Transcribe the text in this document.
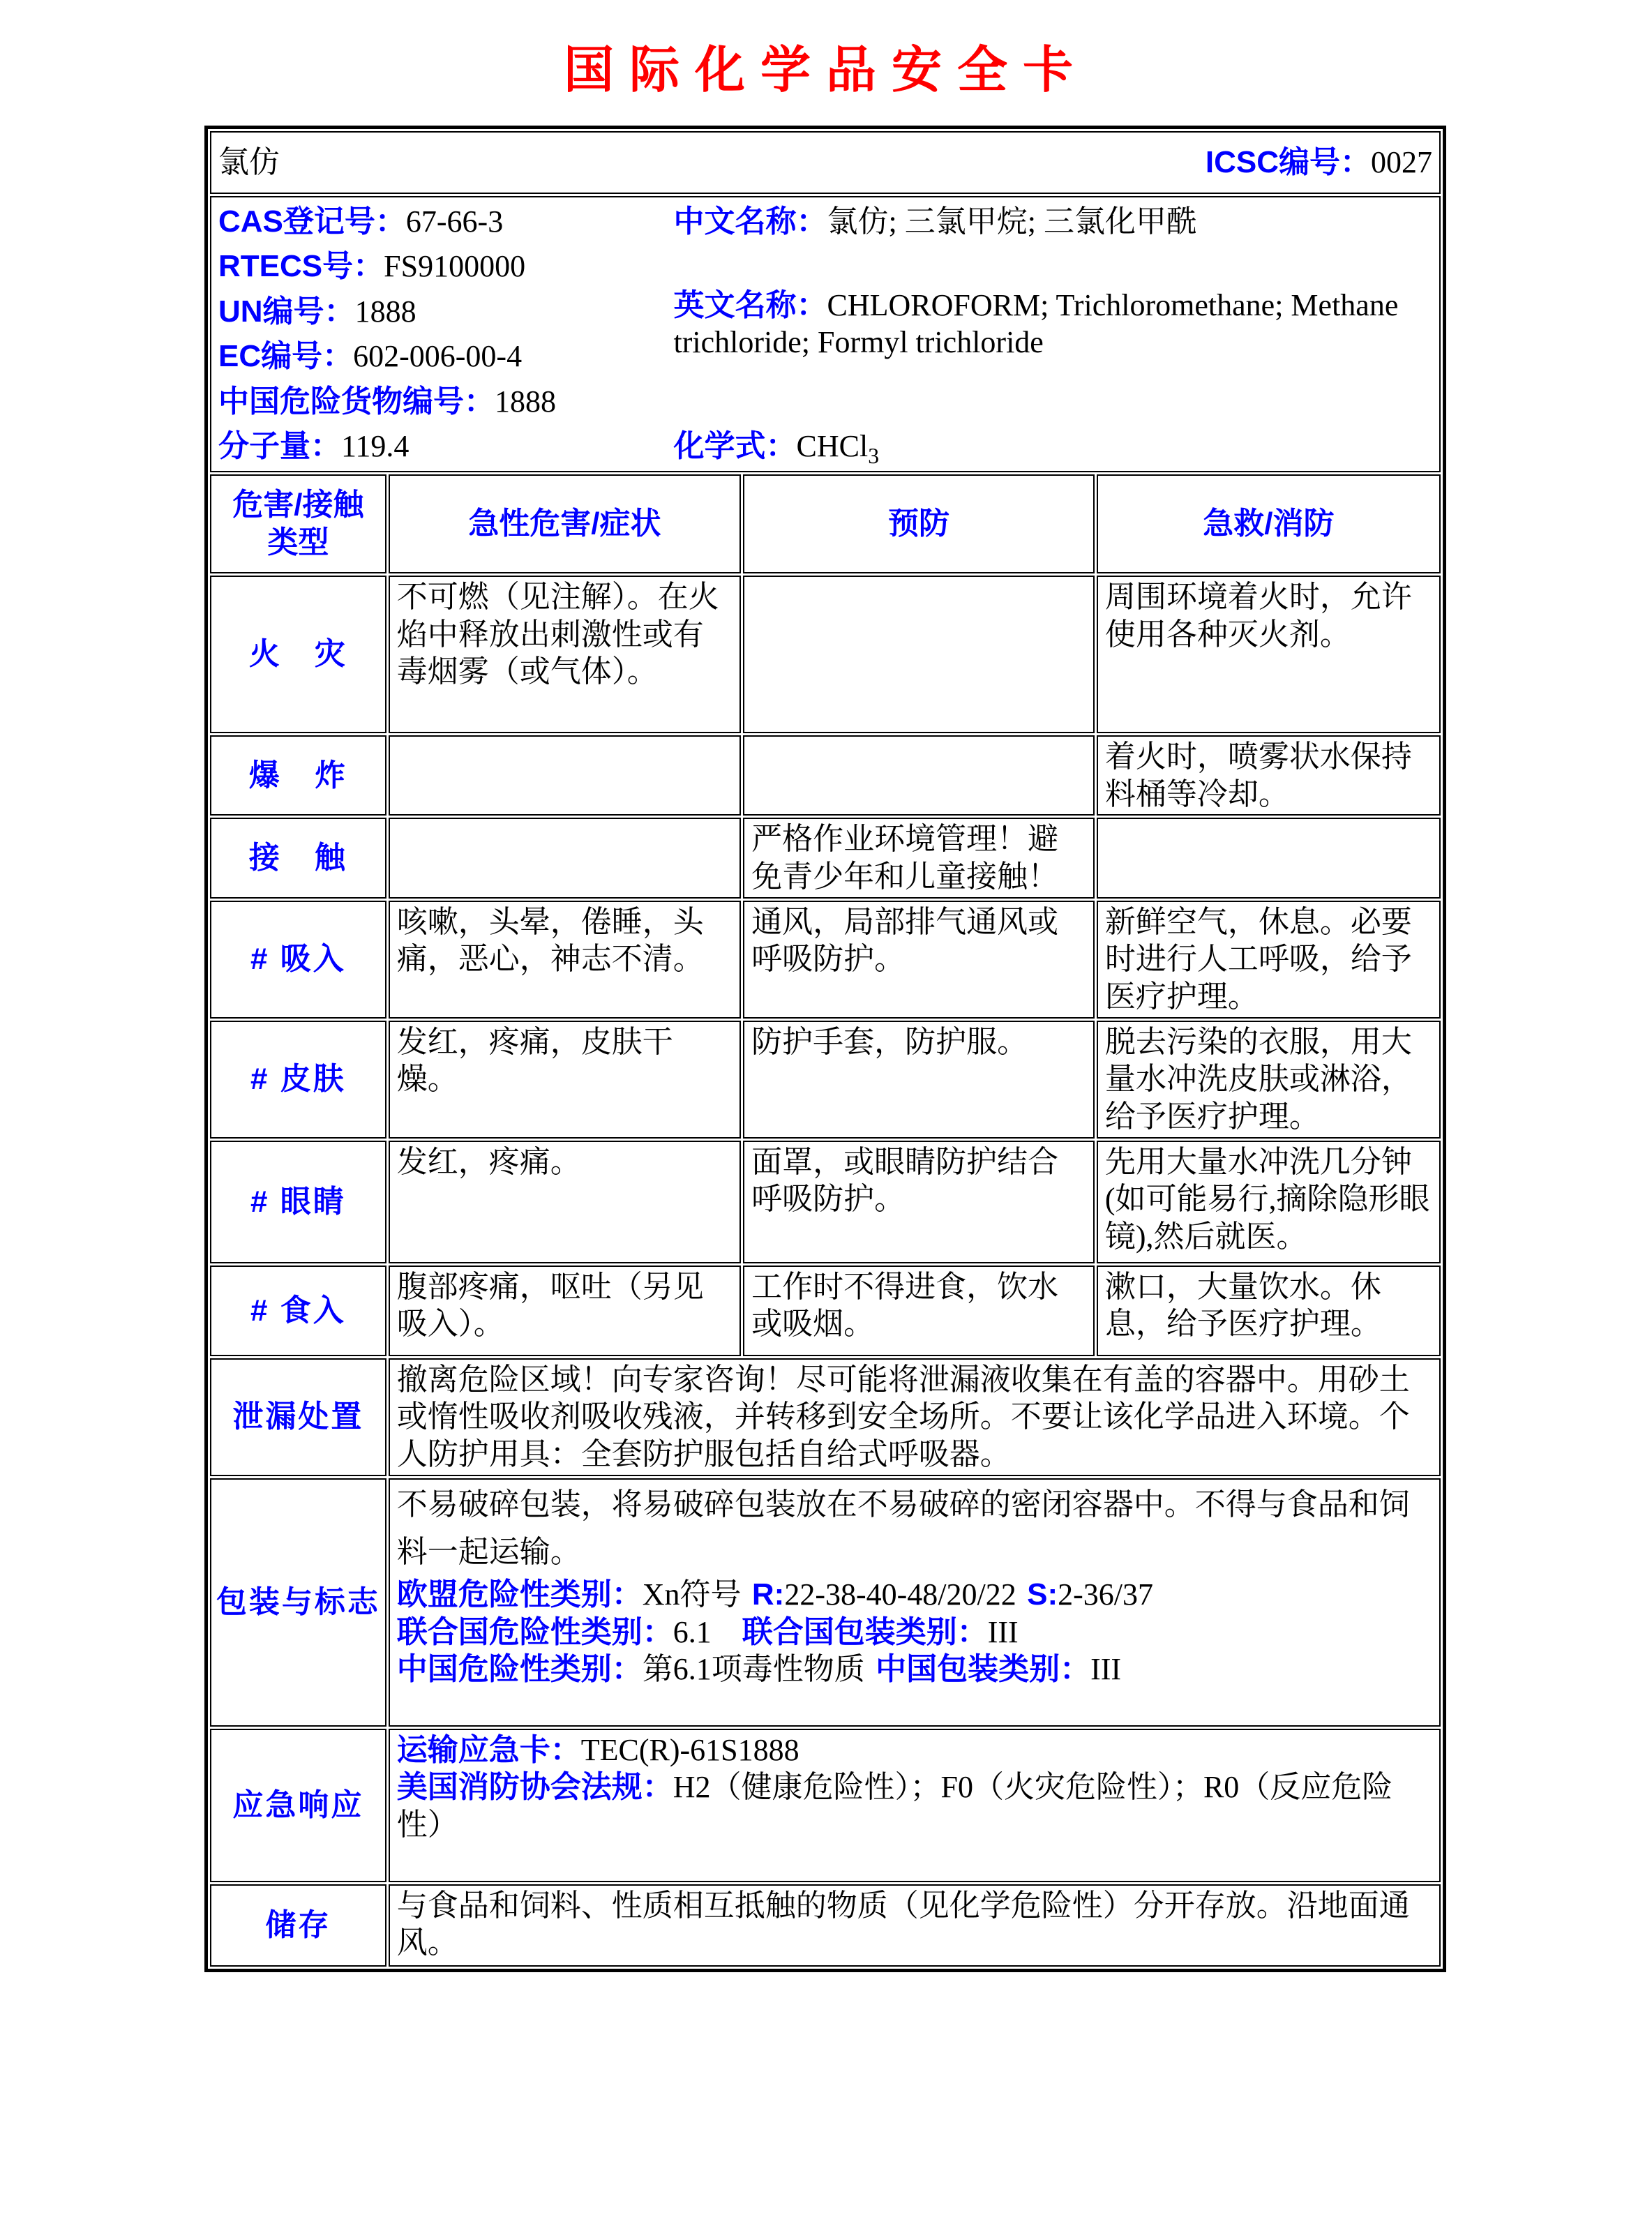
国际化学品安全卡
氯仿 ICSC编号：0027			

CAS登记号：67-66-3
RTECS号：FS9100000
UN编号：1888
EC编号：602-006-00-4
中国危险货物编号：1888
分子量：119.4
中文名称：氯仿; 三氯甲烷; 三氯化甲酰
英文名称：CHLOROFORM; Trichloromethane; Methane trichloride; Formyl trichloride
化学式：CHCl$_3$

危害/接触
类型	急性危害/症状	预防	急救/消防
火　灾	不可燃（见注解）。在火焰中释放出刺激性或有毒烟雾（或气体）。		周围环境着火时，允许使用各种灭火剂。
爆　炸			着火时，喷雾状水保持料桶等冷却。
接　触		严格作业环境管理！避免青少年和儿童接触！	
# 吸入	咳嗽，头晕，倦睡，头痛，恶心，神志不清。	通风，局部排气通风或呼吸防护。	新鲜空气，休息。必要时进行人工呼吸，给予医疗护理。
# 皮肤	发红，疼痛，皮肤干燥。	防护手套，防护服。	脱去污染的衣服，用大量水冲洗皮肤或淋浴，给予医疗护理。
# 眼睛	发红，疼痛。	面罩，或眼睛防护结合呼吸防护。	先用大量水冲洗几分钟(如可能易行,摘除隐形眼镜),然后就医。
# 食入	腹部疼痛，呕吐（另见吸入）。	工作时不得进食，饮水或吸烟。	漱口，大量饮水。休息，给予医疗护理。
泄漏处置	撤离危险区域！向专家咨询！尽可能将泄漏液收集在有盖的容器中。用砂土或惰性吸收剂吸收残液，并转移到安全场所。不要让该化学品进入环境。个人防护用具：全套防护服包括自给式呼吸器。		
包装与标志	不易破碎包装，将易破碎包装放在不易破碎的密闭容器中。不得与食品和饲料一起运输。

欧盟危险性类别：Xn符号 R:22-38-40-48/20/22 S:2-36/37

联合国危险性类别：6.1 联合国包装类别：III

中国危险性类别：第6.1项毒性物质 中国包装类别：III		

应急响应	运输应急卡：TEC(R)-61S1888

美国消防协会法规：H2（健康危险性）；F0（火灾危险性）；R0（反应危险性）		

储存	与食品和饲料、性质相互抵触的物质（见化学危险性）分开存放。沿地面通风。		
